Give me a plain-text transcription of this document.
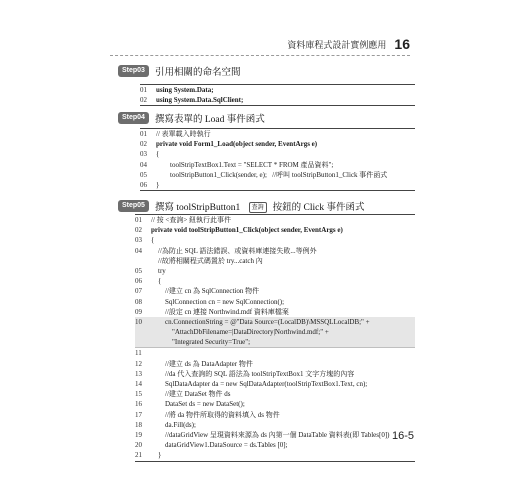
資料庫程式設計實例應用 16
Step03	引用相關的命名空間
01	using System.Data;
02	using System.Data.SqlClient;
Step04	撰寫表單的 Load 事件函式
01	// 表單載入時執行
02	private void Form1_Load(object sender, EventArgs e)
03	{
04	toolStripTextBox1.Text = "SELECT * FROM 產品資料";
05	toolStripButton1_Click(sender, e);   //呼叫 toolStripButton1_Click 事件函式
06	}
Step05	撰寫 toolStripButton1 查詢 按鈕的 Click 事件函式
01	// 按 <查詢> 鈕執行此事件
02	private void toolStripButton1_Click(object sender, EventArgs e)
03	{
04	//為防止 SQL 語法錯誤、或資料庫連接失敗...等例外
//故將相關程式碼置於 try...catch 內
05	try
06	{
07	//建立 cn 為 SqlConnection 物件
08	SqlConnection cn = new SqlConnection();
09	//設定 cn 連接 Northwind.mdf 資料庫檔案
10	cn.ConnectionString = @"Data Source=(LocalDB)\MSSQLLocalDB;" +
"AttachDbFilename=|DataDirectory|Northwind.mdf;" +
"Integrated Security=True";
11
12	//建立 ds 為 DataAdapter 物件
13	//da 代入查詢的 SQL 語法為 toolStripTextBox1 文字方塊的內容
14	SqlDataAdapter da = new SqlDataAdapter(toolStripTextBox1.Text, cn);
15	//建立 DataSet 物件 ds
16	DataSet ds = new DataSet();
17	//將 da 物件所取得的資料填入 ds 物件
18	da.Fill(ds);
19	//dataGridView 呈現資料來源為 ds 內第一個 DataTable 資料表(即 Tables[0])
20	dataGridView1.DataSource = ds.Tables [0];
21	}
16-5
